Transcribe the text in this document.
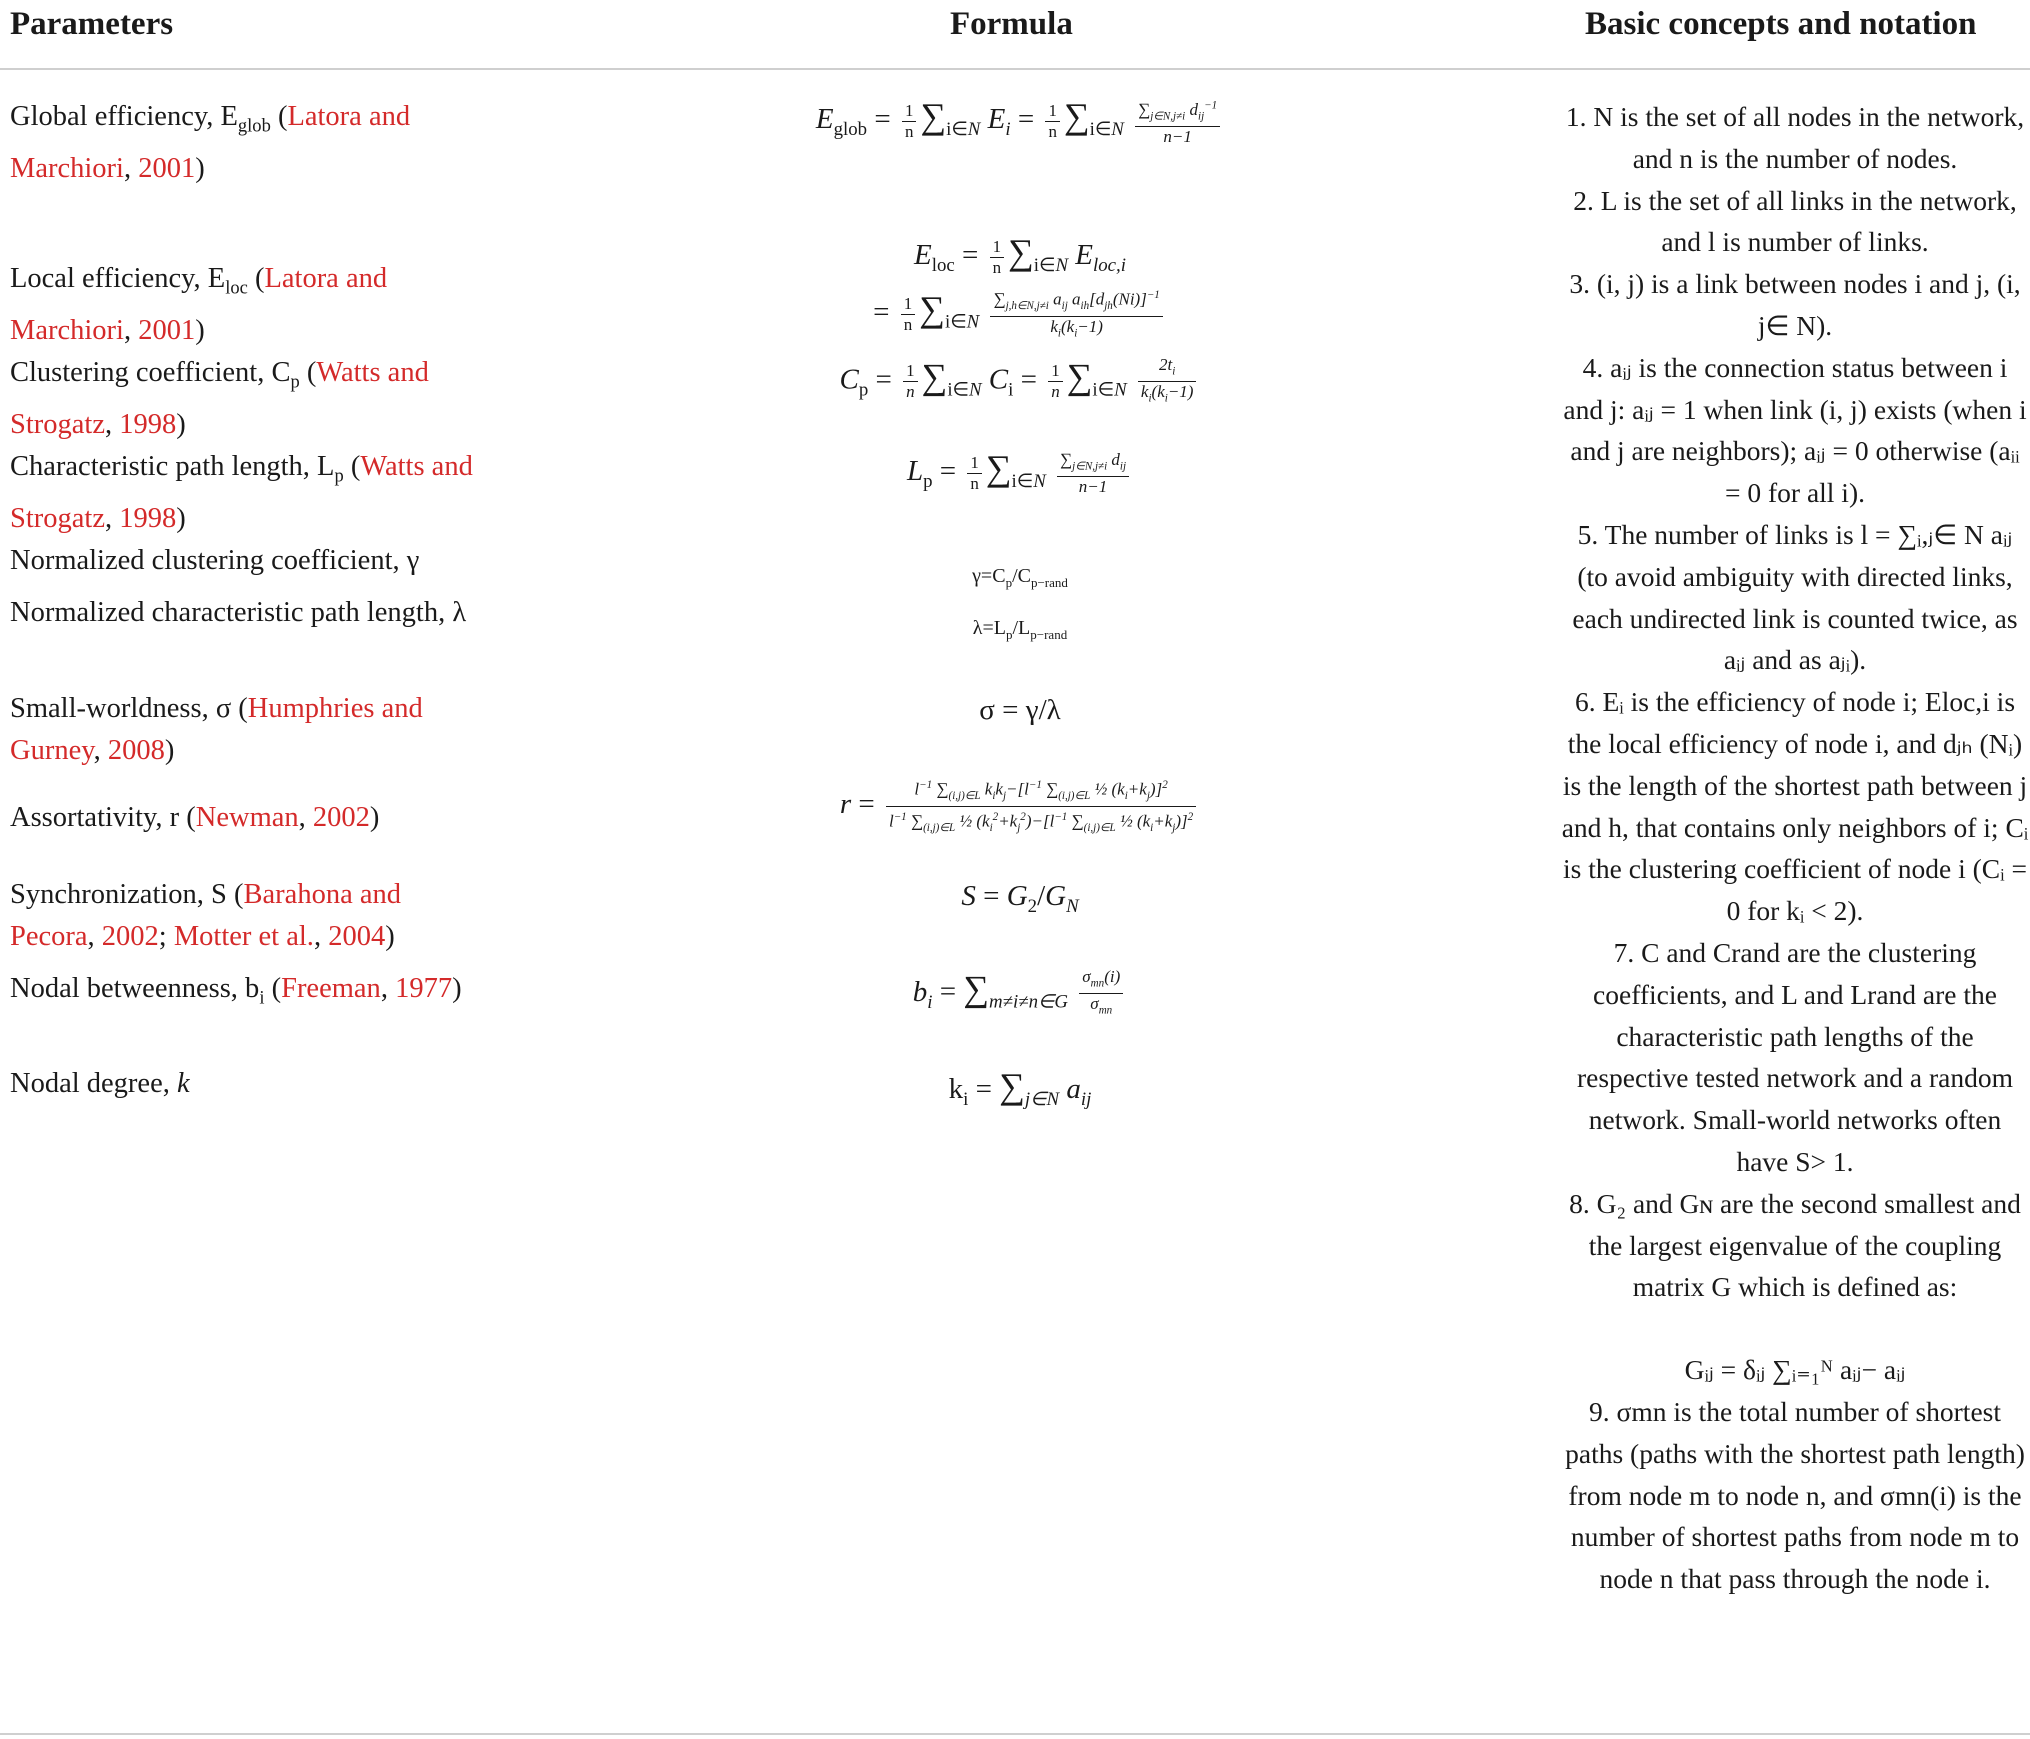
Parameters	Formula	Basic concepts and notation
Global efficiency, $E_{glob}$ (Latora and Marchiori, 2001)
Local efficiency, $E_{loc}$ (Latora and Marchiori, 2001)
Clustering coefficient, $C_p$ (Watts and Strogatz, 1998)
Characteristic path length, $L_p$ (Watts and Strogatz, 1998)
Normalized clustering coefficient, γ
Normalized characteristic path length, λ
Small-worldness, σ (Humphries and Gurney, 2008)
Assortativity, r (Newman, 2002)
Synchronization, S (Barahona and Pecora, 2002; Motter et al., 2004)
Nodal betweenness, $b_i$ (Freeman, 1977)
Nodal degree, k
$E_{glob} = \frac{1}{n} \sum_{i\in N}$ $E_i = \frac{1}{n} \sum_{i\in N} \frac{\sum_{j\in N,j\ne i} d_{ij}^{-1}}{n-1}$
$E_{loc} = \frac{1}{n} \sum_{i\in N}$ $E_{loc,i}$
= $\frac{1}{n} \sum_{i\in N} \frac{\sum_{j,h\in N,j\ne i} a_{ij} a_{ih}[d_{jh}(Ni)]^{-1}}{k_i(k_i-1)}$
$C_p = \frac{1}{n} \sum_{i\in N}$ $C_i = \frac{1}{n} \sum_{i\in N} \frac{2t_i}{k_i(k_i-1)}$
$L_p = \frac{1}{n} \sum_{i\in N} \frac{\sum_{j\in N,j\ne i} d_{ij}}{n-1}$
$\gamma=C_p/C_{p-rand}$
$\lambda=L_p/L_{p-rand}$
σ = γ/λ
$r = \frac{l^{-1} \sum_{(i,j)\in L} k_ik_j-[l^{-1} \sum_{(i,j)\in L} \frac{1}{2} (k_i+k_j)]^2}{l^{-1} \sum_{(i,j)\in L} \frac{1}{2} (k_i^2+k_j^2)-[l^{-1} \sum_{(i,j)\in L} \frac{1}{2} (k_i+k_j)]^2}$
$S = G_2/G_N$
$b_i = \sum_{m\ne i\ne n\in G} \frac{\sigma_{mn}(i)}{\sigma_{mn}}$
$k_i = \sum_{j\in N}$ $a_{ij}$

1. N is the set of all nodes in the network, and n is the number of nodes.

2. L is the set of all links in the network, and l is number of links.

3. (i, j) is a link between nodes i and j, (i, j∈ N).

4. aᵢⱼ is the connection status between i and j: aᵢⱼ = 1 when link (i, j) exists (when i and j are neighbors); aᵢⱼ = 0 otherwise (aᵢᵢ = 0 for all i).

5. The number of links is l = ∑ᵢ,ⱼ∈ N aᵢⱼ (to avoid ambiguity with directed links, each undirected link is counted twice, as aᵢⱼ and as aⱼᵢ).

6. Eᵢ is the efficiency of node i; Eloc,i is the local efficiency of node i, and dⱼₕ (Nᵢ) is the length of the shortest path between j and h, that contains only neighbors of i; Cᵢ is the clustering coefficient of node i (Cᵢ = 0 for kᵢ < 2).

7. C and Crand are the clustering coefficients, and L and Lrand are the characteristic path lengths of the respective tested network and a random network. Small-world networks often have S> 1.

8. G₂ and Gɴ are the second smallest and the largest eigenvalue of the coupling matrix G which is defined as:

Gᵢⱼ = δᵢⱼ ∑ᵢ₌₁ᴺ aᵢⱼ− aᵢⱼ

9. σmn is the total number of shortest paths (paths with the shortest path length) from node m to node n, and σmn(i) is the number of shortest paths from node m to node n that pass through the node i.
